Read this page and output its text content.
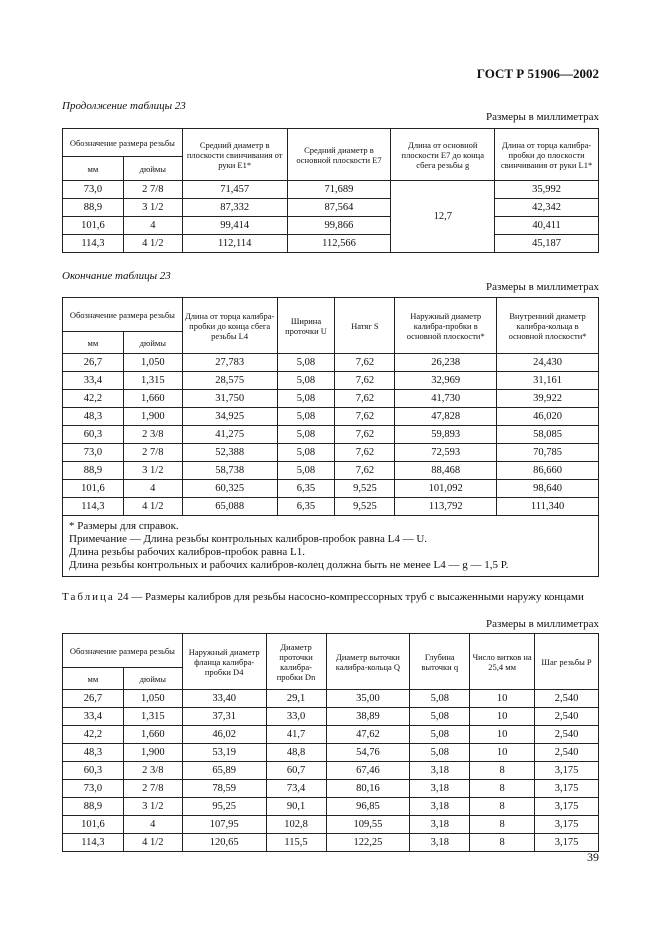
ГОСТ Р 51906—2002
Продолжение таблицы 23
Размеры в миллиметрах
Обозначение размера резьбы		Средний диаметр в плоскости свинчивания от руки E1*	Средний диаметр в основной плоскости E7	Длина от основной плоскости E7 до конца сбега резьбы g	Длина от торца калибра-пробки до плоскости свинчивания от руки L1*
мм	дюймы				
73,0	2 7/8	71,457	71,689	12,7	35,992
88,9	3 1/2	87,332	87,564		42,342
101,6	4	99,414	99,866		40,411
114,3	4 1/2	112,114	112,566		45,187
Окончание таблицы 23
Размеры в миллиметрах
Обозначение размера резьбы		Длина от торца калибра-пробки до конца сбега резьбы L4	Ширина проточки U	Натяг S	Наружный диаметр калибра-пробки в основной плоскости*	Внутренний диаметр калибра-кольца в основной плоскости*
мм	дюймы					
26,7	1,050	27,783	5,08	7,62	26,238	24,430
33,4	1,315	28,575	5,08	7,62	32,969	31,161
42,2	1,660	31,750	5,08	7,62	41,730	39,922
48,3	1,900	34,925	5,08	7,62	47,828	46,020
60,3	2 3/8	41,275	5,08	7,62	59,893	58,085
73,0	2 7/8	52,388	5,08	7,62	72,593	70,785
88,9	3 1/2	58,738	5,08	7,62	88,468	86,660
101,6	4	60,325	6,35	9,525	101,092	98,640
114,3	4 1/2	65,088	6,35	9,525	113,792	111,340

* Размеры для справок.
Примечание — Длина резьбы контрольных калибров-пробок равна L4 — U.
Длина резьбы рабочих калибров-пробок равна L1.
Длина резьбы контрольных и рабочих калибров-колец должна быть не менее L4 — g — 1,5 P.						
Таблица 24 — Размеры калибров для резьбы насосно-компрессорных труб с высаженными наружу концами
Размеры в миллиметрах
Обозначение размера резьбы		Наружный диаметр фланца калибра-пробки D4	Диаметр проточки калибра-пробки Dn	Диаметр выточки калибра-кольца Q	Глубина выточки q	Число витков на 25,4 мм	Шаг резьбы P
мм	дюймы						
26,7	1,050	33,40	29,1	35,00	5,08	10	2,540
33,4	1,315	37,31	33,0	38,89	5,08	10	2,540
42,2	1,660	46,02	41,7	47,62	5,08	10	2,540
48,3	1,900	53,19	48,8	54,76	5,08	10	2,540
60,3	2 3/8	65,89	60,7	67,46	3,18	8	3,175
73,0	2 7/8	78,59	73,4	80,16	3,18	8	3,175
88,9	3 1/2	95,25	90,1	96,85	3,18	8	3,175
101,6	4	107,95	102,8	109,55	3,18	8	3,175
114,3	4 1/2	120,65	115,5	122,25	3,18	8	3,175
39
